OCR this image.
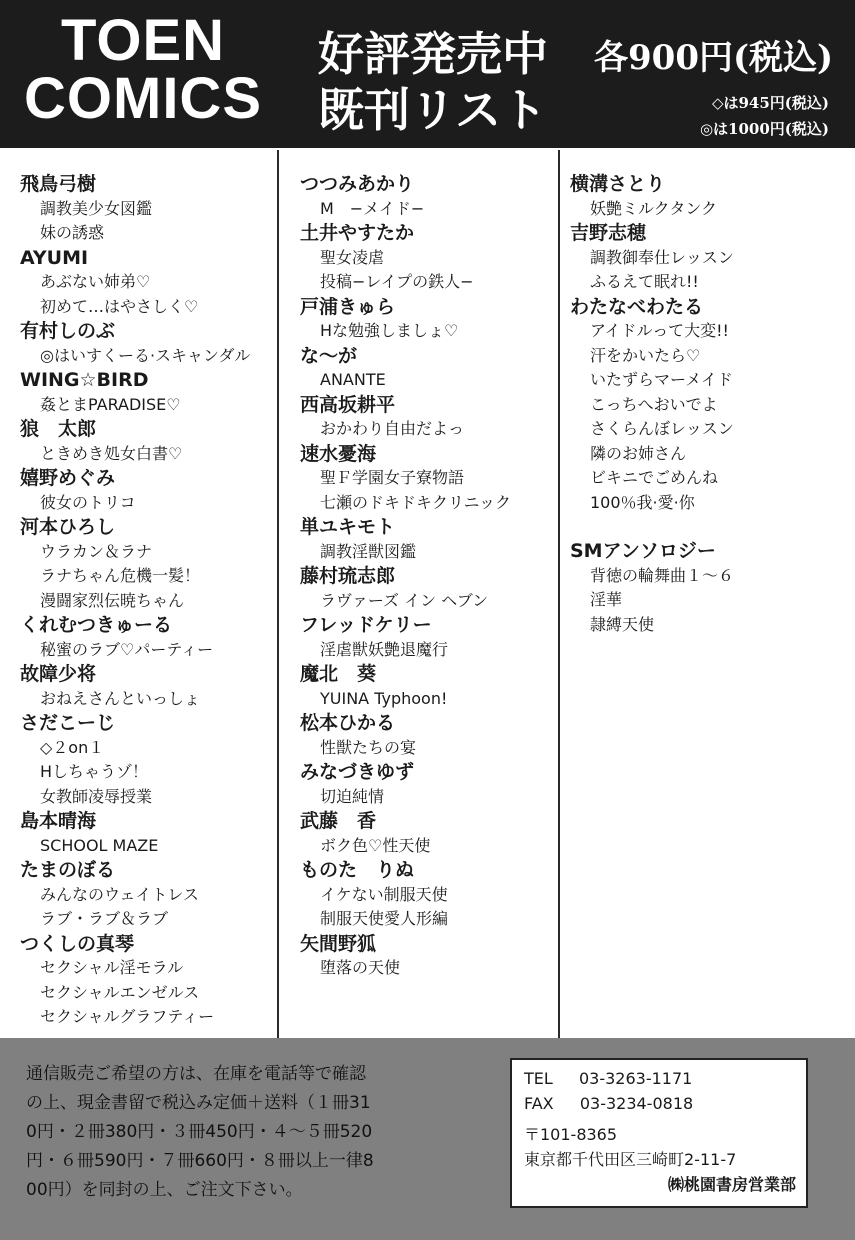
TOEN
COMICS
好評発売中
既刊リスト
各900円(税込)
◇は945円(税込)
◎は1000円(税込)
飛鳥弓樹
調教美少女図鑑
妹の誘惑
AYUMI
あぶない姉弟♡
初めて…はやさしく♡
有村しのぶ
◎はいすくーる·スキャンダル
WING☆BIRD
姦とまPARADISE♡
狼　太郎
ときめき処女白書♡
嬉野めぐみ
彼女のトリコ
河本ひろし
ウラカン＆ラナ
ラナちゃん危機一髪！
漫闘家烈伝暁ちゃん
くれむつきゅーる
秘蜜のラブ♡パーティー
故障少将
おねえさんといっしょ
さだこーじ
◇２on１
Hしちゃうゾ！
女教師凌辱授業
島本晴海
SCHOOL MAZE
たまのぼる
みんなのウェイトレス
ラブ・ラブ＆ラブ
つくしの真琴
セクシャル淫モラル
セクシャルエンゼルス
セクシャルグラフティー
つつみあかり
M　−メイド−
土井やすたか
聖女凌虐
投稿−レイプの鉄人−
戸浦きゅら
Hな勉強しましょ♡
な〜が
ANANTE
西高坂耕平
おかわり自由だよっ
速水憂海
聖Ｆ学園女子寮物語
七瀬のドキドキクリニック
単ユキモト
調教淫獣図鑑
藤村琉志郎
ラヴァーズ イン ヘブン
フレッドケリー
淫虐獣妖艶退魔行
魔北　葵
YUINA Typhoon!
松本ひかる
性獣たちの宴
みなづきゆず
切迫純情
武藤　香
ボク色♡性天使
ものた　りぬ
イケない制服天使
制服天使愛人形編
矢間野狐
堕落の天使
横溝さとり
妖艶ミルクタンク
吉野志穂
調教御奉仕レッスン
ふるえて眠れ!!
わたなべわたる
アイドルって大変!!
汗をかいたら♡
いたずらマーメイド
こっちへおいでよ
さくらんぼレッスン
隣のお姉さん
ビキニでごめんね
100％我·愛·你
SMアンソロジー
背徳の輪舞曲１〜６
淫華
隷縛天使
通信販売ご希望の方は、在庫を電話等で確認
の上、現金書留で税込み定価＋送料（１冊31
0円・２冊380円・３冊450円・４〜５冊520
円・６冊590円・７冊660円・８冊以上一律8
00円）を同封の上、ご注文下さい。
TEL 03-3263-1171
FAX 03-3234-0818
〒101-8365
東京都千代田区三崎町2-11-7
㈱桃園書房営業部
